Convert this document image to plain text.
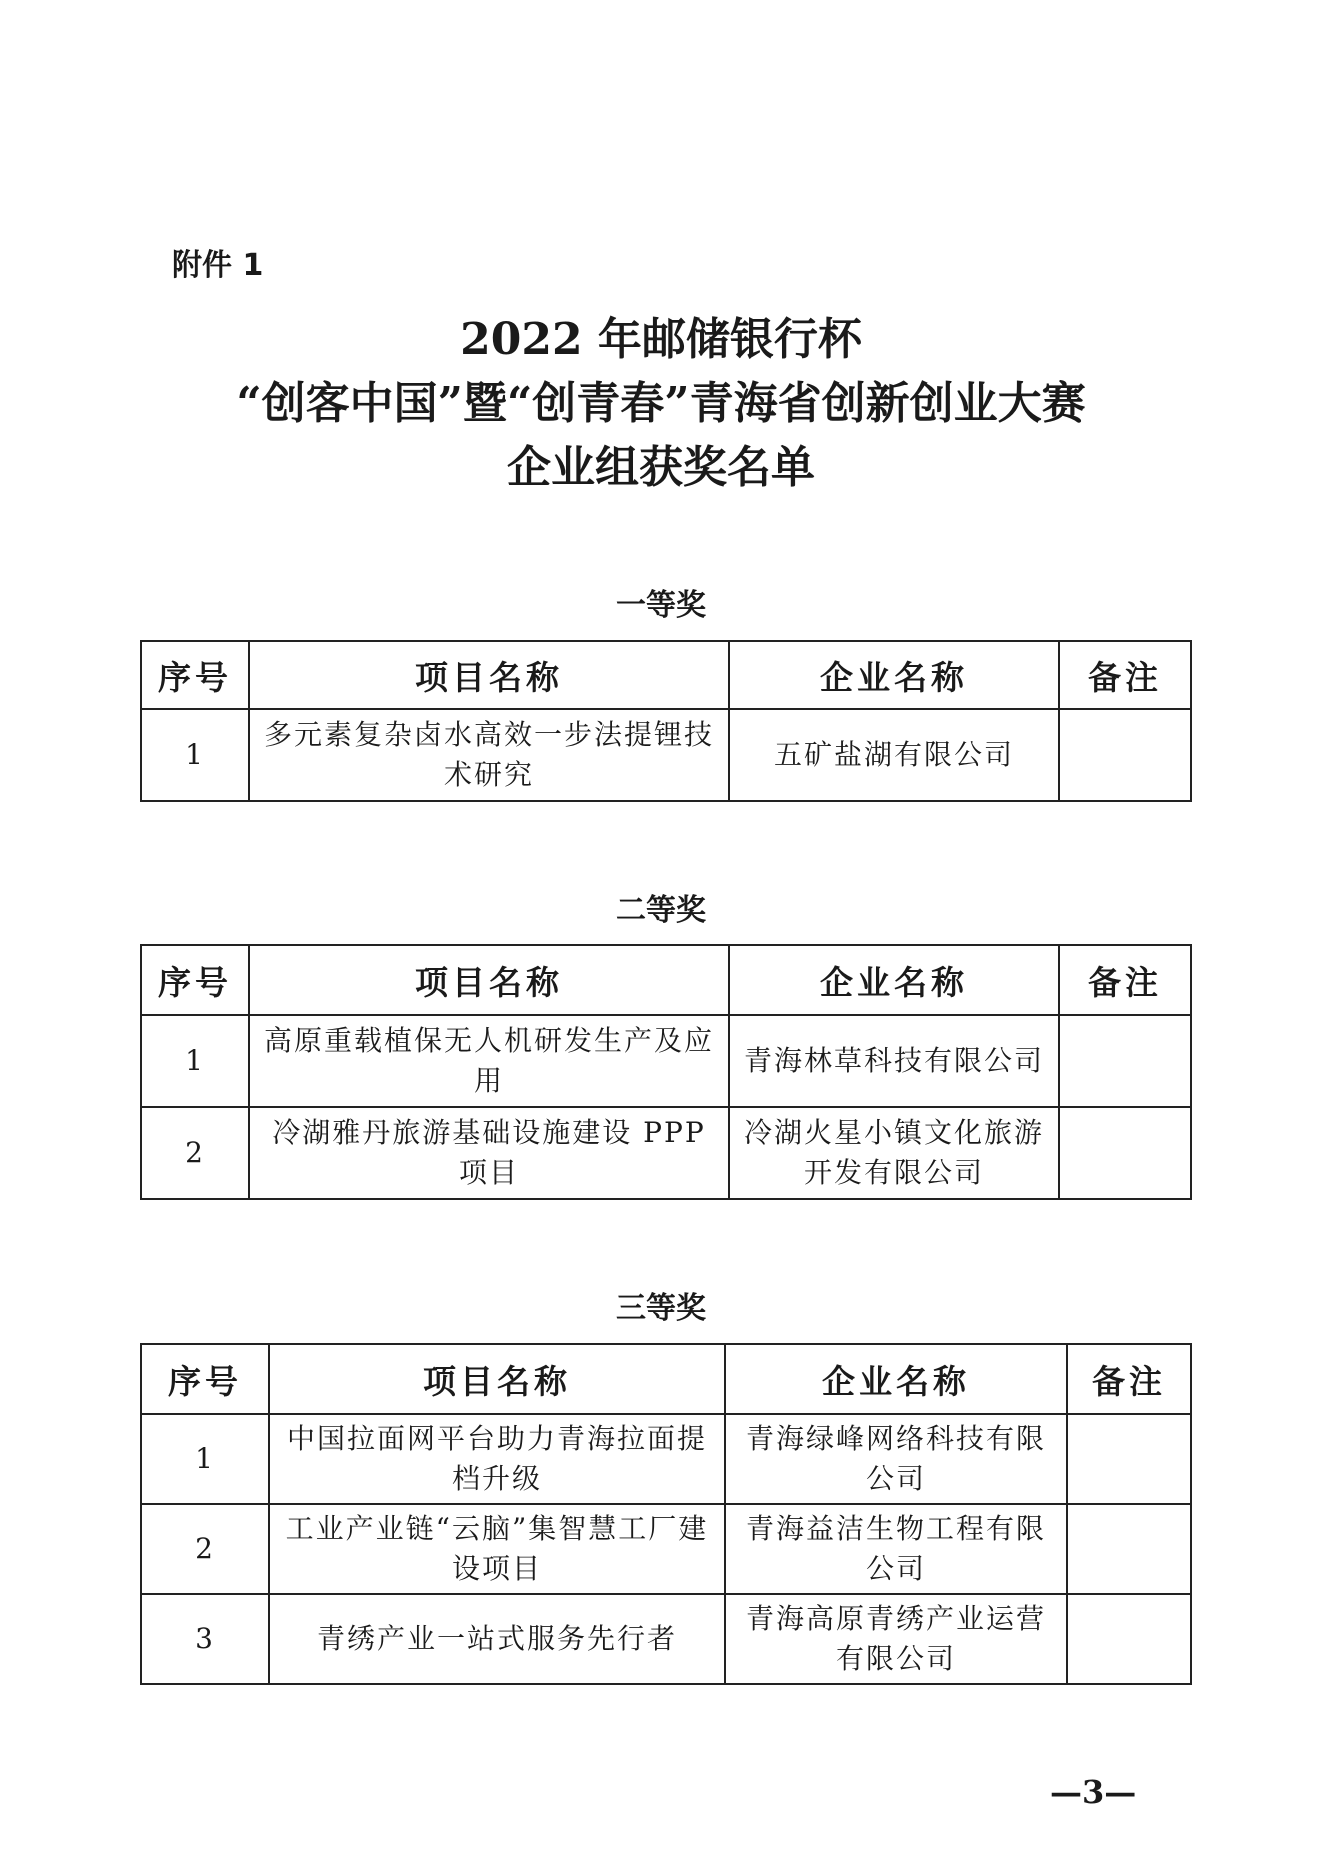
附件 1
2022 年邮储银行杯
“创客中国”暨“创青春”青海省创新创业大赛
企业组获奖名单
一等奖
序号	项目名称	企业名称	备注
1	多元素复杂卤水高效一步法提锂技术研究	五矿盐湖有限公司	
二等奖
序号	项目名称	企业名称	备注
1	高原重载植保无人机研发生产及应用	青海林草科技有限公司	
2	冷湖雅丹旅游基础设施建设 PPP 项目	冷湖火星小镇文化旅游开发有限公司	
三等奖
序号	项目名称	企业名称	备注
1	中国拉面网平台助力青海拉面提档升级	青海绿峰网络科技有限公司	
2	工业产业链“云脑”集智慧工厂建设项目	青海益洁生物工程有限公司	
3	青绣产业一站式服务先行者	青海高原青绣产业运营有限公司	
—3—
